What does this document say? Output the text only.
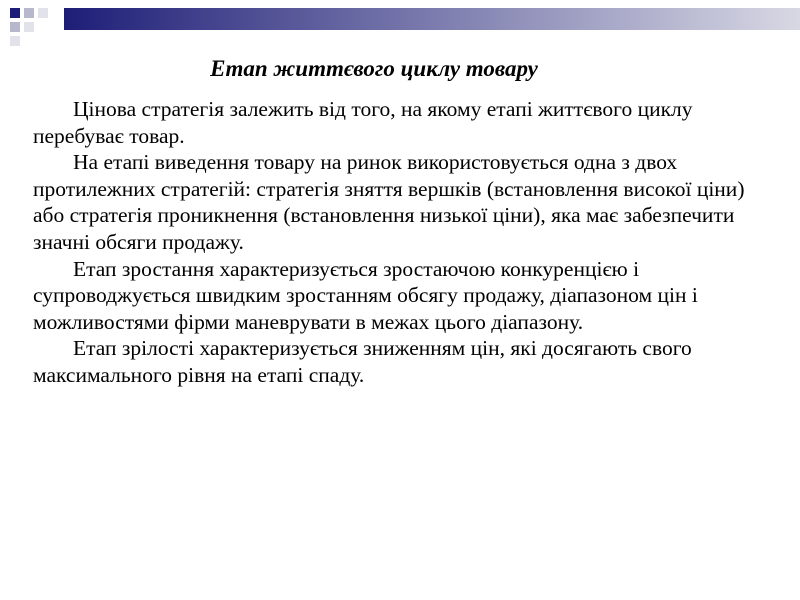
Етап життєвого циклу товару

Цінова стратегія залежить від того, на якому етапі життєвого циклу перебуває товар.

На етапі виведення товару на ринок використовується одна з двох протилежних стратегій: стратегія зняття вершків (встановлення високої ціни) або стратегія проникнення (встановлення низької ціни), яка має забезпечити значні обсяги продажу.

Етап зростання характеризується зростаючою конкуренцією і супроводжується швидким зростанням обсягу продажу, діапазоном цін і можливостями фірми маневрувати в межах цього діапазону.

Етап зрілості характеризується зниженням цін, які досягають свого максимального рівня на етапі спаду.
